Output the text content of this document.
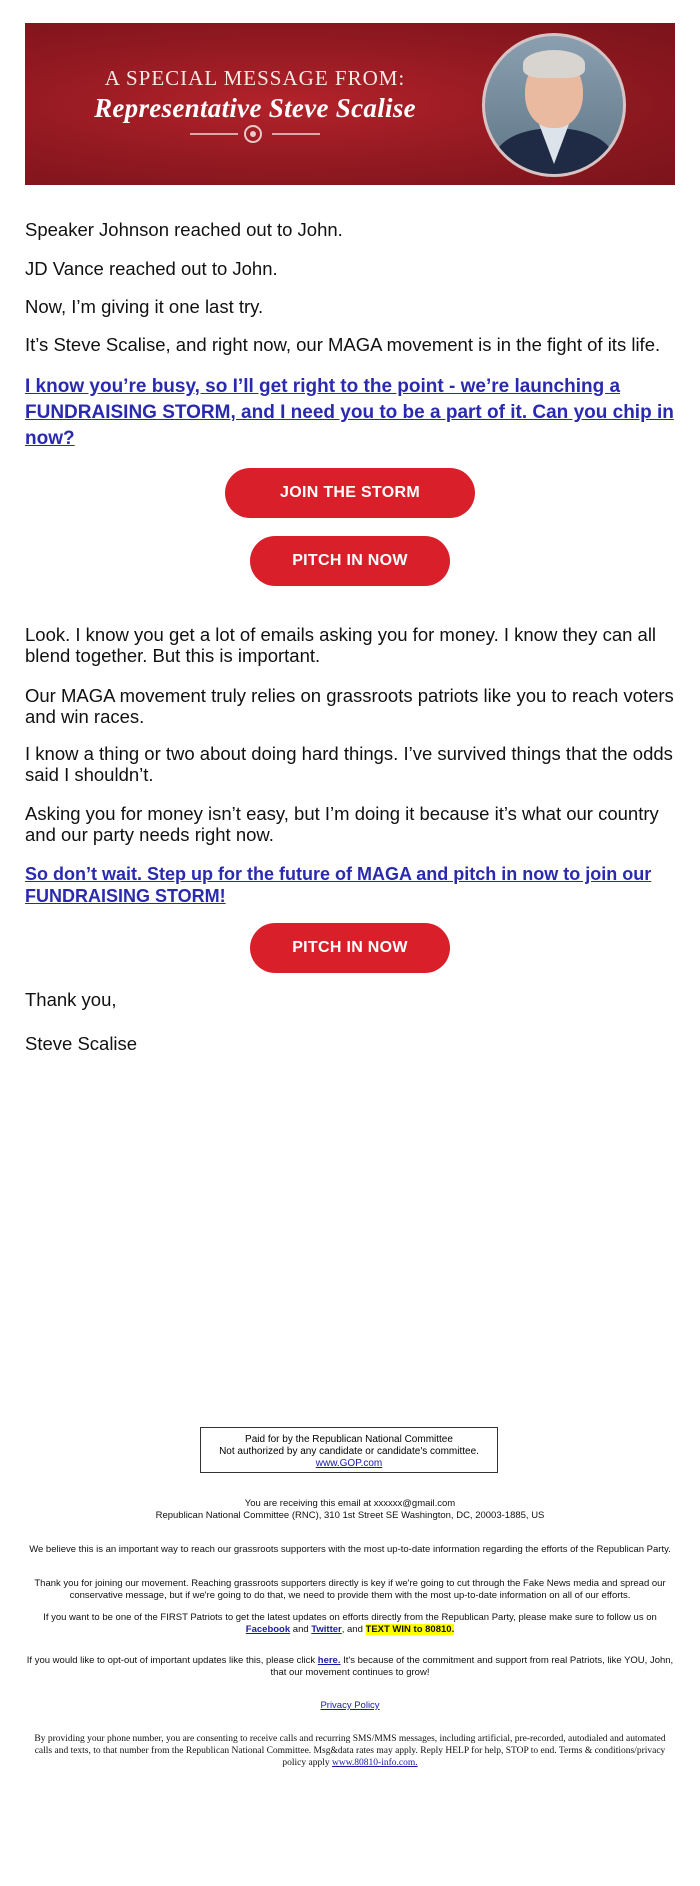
A SPECIAL MESSAGE FROM:
Representative Steve Scalise

Speaker Johnson reached out to John.

JD Vance reached out to John.

Now, I’m giving it one last try.

It’s Steve Scalise, and right now, our MAGA movement is in the fight of its life.

I know you’re busy, so I’ll get right to the point - we’re launching a FUNDRAISING STORM, and I need you to be a part of it. Can you chip in now?
JOIN THE STORM
PITCH IN NOW

Look. I know you get a lot of emails asking you for money. I know they can all blend together. But this is important.

Our MAGA movement truly relies on grassroots patriots like you to reach voters and win races.

I know a thing or two about doing hard things. I’ve survived things that the odds said I shouldn’t.

Asking you for money isn’t easy, but I’m doing it because it’s what our country and our party needs right now.

So don’t wait. Step up for the future of MAGA and pitch in now to join our FUNDRAISING STORM!
PITCH IN NOW

Thank you,

Steve Scalise

Paid for by the Republican National Committee
Not authorized by any candidate or candidate's committee.
www.GOP.com
You are receiving this email at xxxxxx@gmail.com
Republican National Committee (RNC), 310 1st Street SE Washington, DC, 20003-1885, US
We believe this is an important way to reach our grassroots supporters with the most up-to-date information regarding the efforts of the Republican Party.
Thank you for joining our movement. Reaching grassroots supporters directly is key if we're going to cut through the Fake News media and spread our conservative message, but if we're going to do that, we need to provide them with the most up-to-date information on all of our efforts.
If you want to be one of the FIRST Patriots to get the latest updates on efforts directly from the Republican Party, please make sure to follow us on Facebook and Twitter, and TEXT WIN to 80810.
If you would like to opt-out of important updates like this, please click here. It's because of the commitment and support from real Patriots, like YOU, John, that our movement continues to grow!
Privacy Policy
By providing your phone number, you are consenting to receive calls and recurring SMS/MMS messages, including artificial, pre-recorded, autodialed and automated calls and texts, to that number from the Republican National Committee. Msg&data rates may apply. Reply HELP for help, STOP to end. Terms & conditions/privacy policy apply www.80810-info.com.
